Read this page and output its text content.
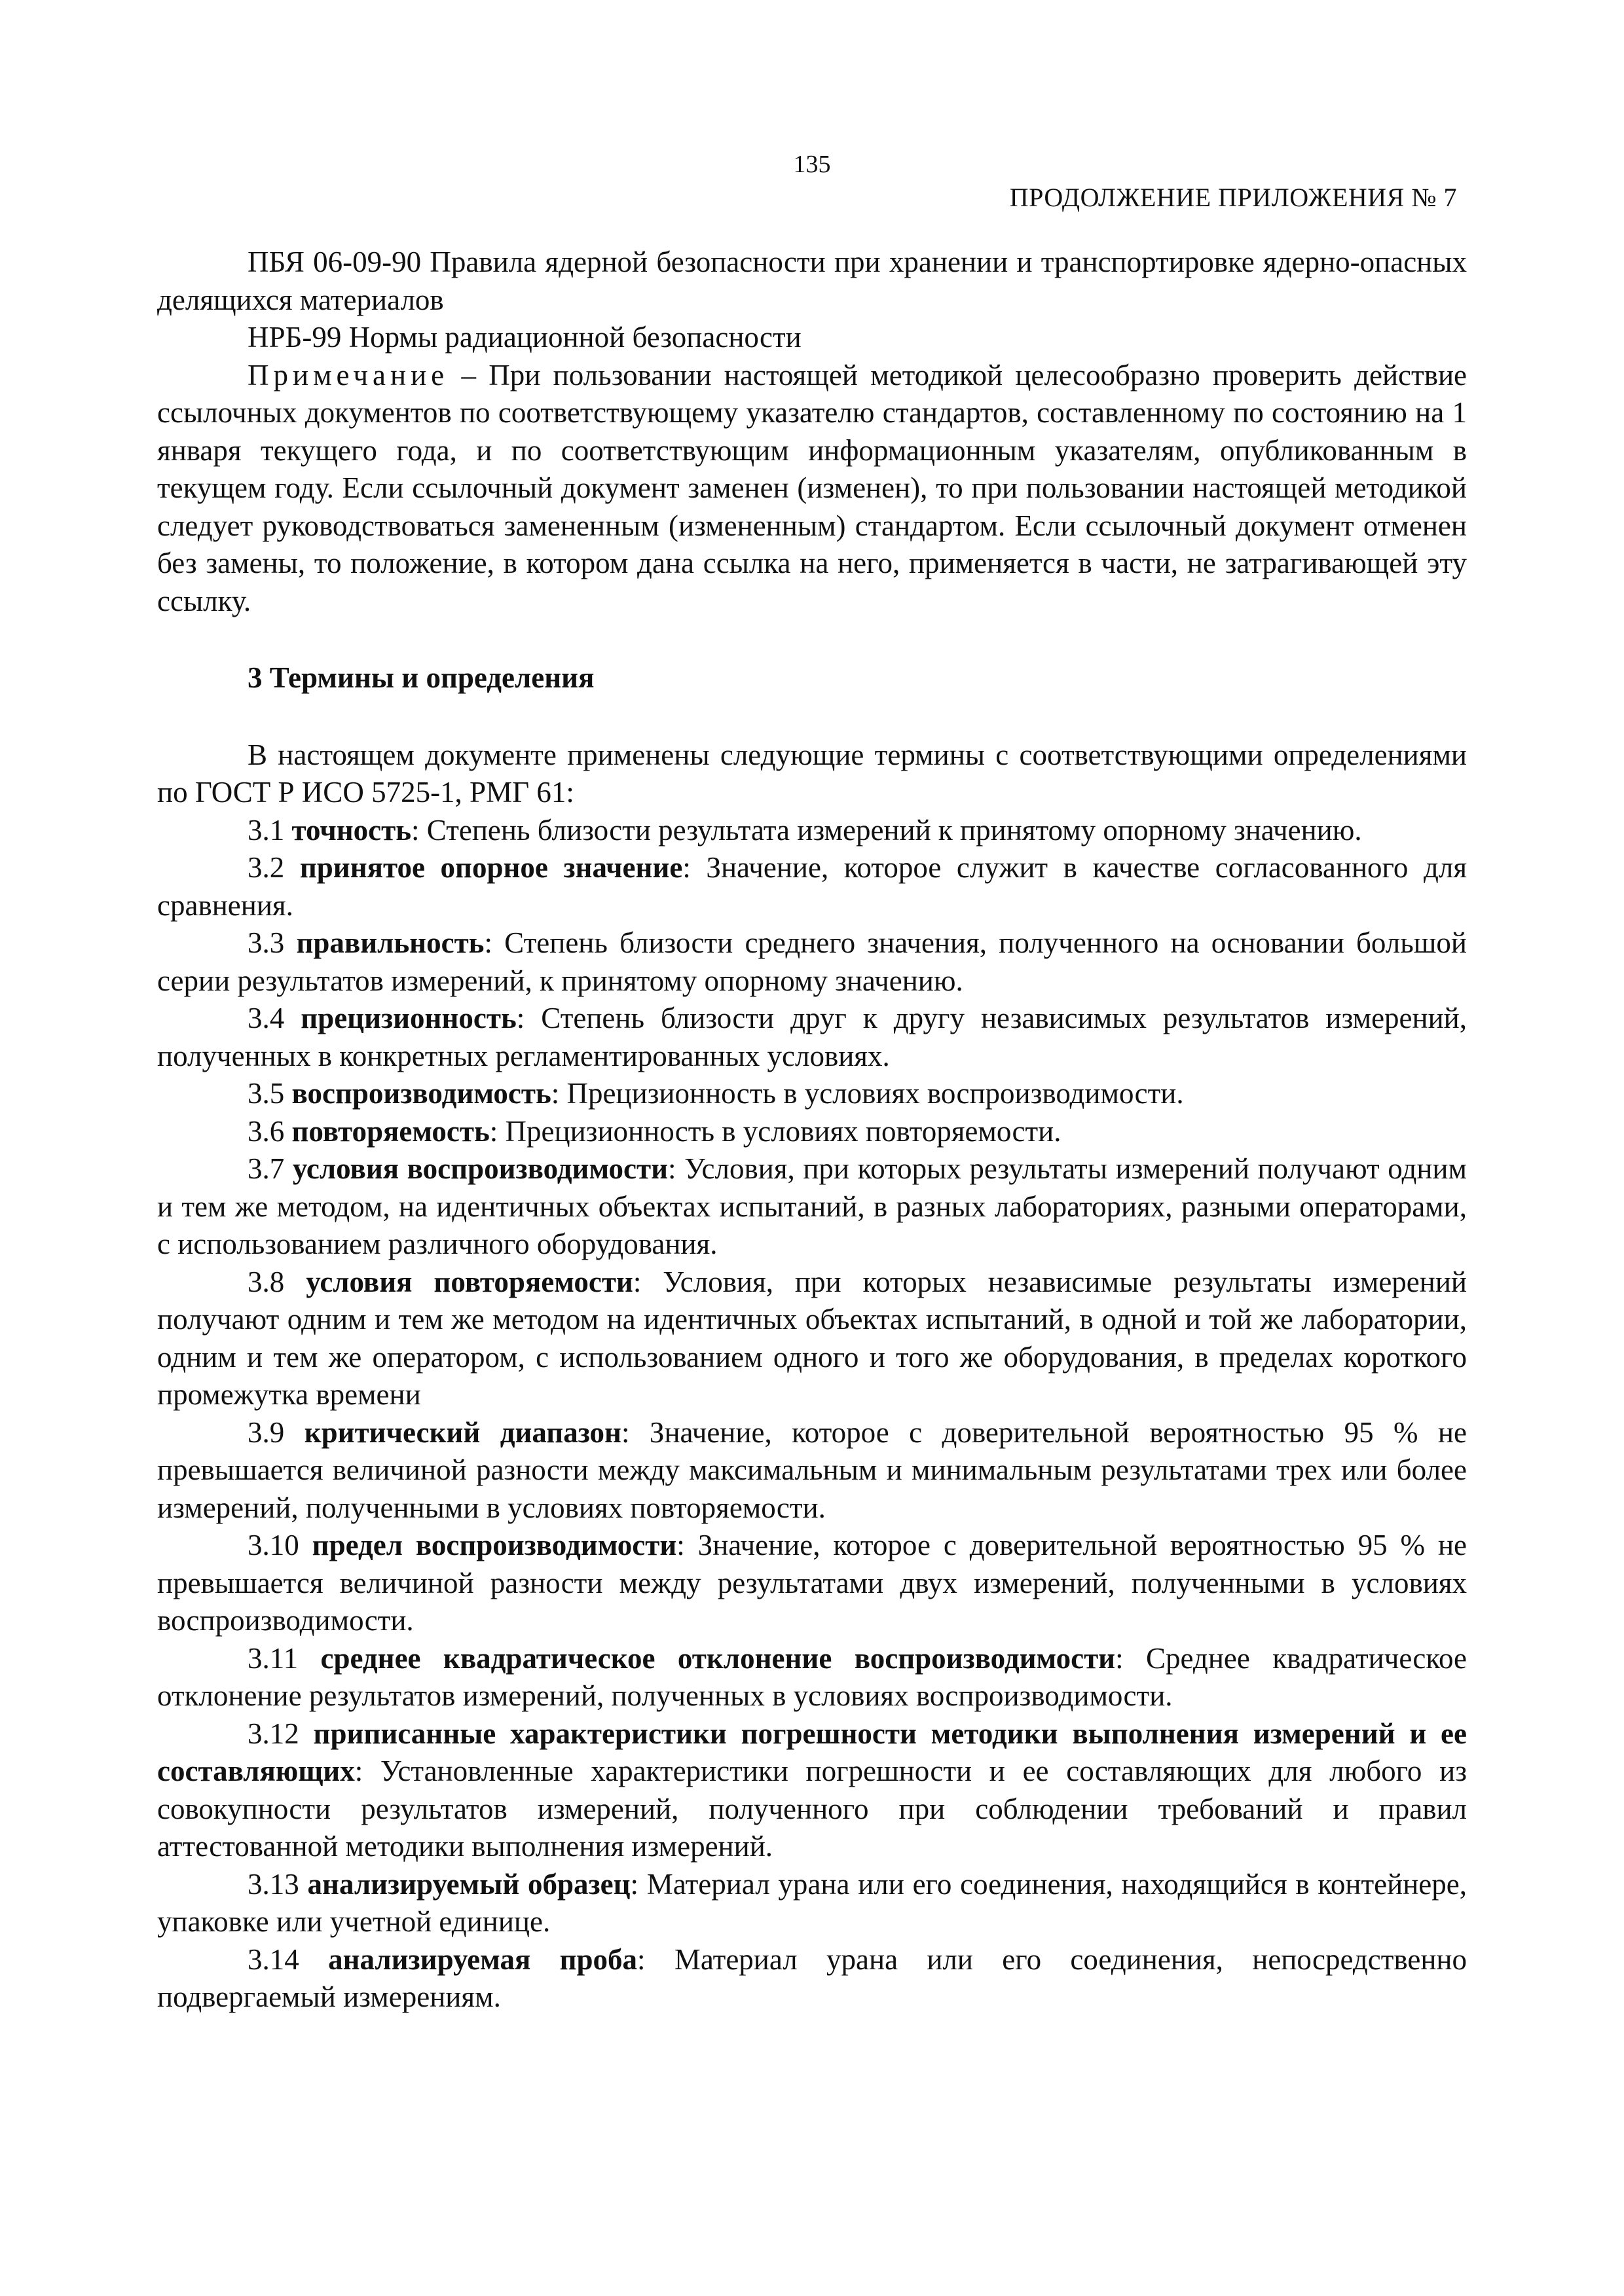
135
ПРОДОЛЖЕНИЕ ПРИЛОЖЕНИЯ № 7

ПБЯ 06-09-90 Правила ядерной безопасности при хранении и транспортировке ядерно-опасных делящихся материалов

НРБ-99 Нормы радиационной безопасности

Примечание – При пользовании настоящей методикой целесообразно проверить действие ссылочных документов по соответствующему указателю стандартов, составленному по состоянию на 1 января текущего года, и по соответствующим информационным указателям, опубликованным в текущем году. Если ссылочный документ заменен (изменен), то при пользовании настоящей методикой следует руководствоваться замененным (измененным) стандартом. Если ссылочный документ отменен без замены, то положение, в котором дана ссылка на него, применяется в части, не затрагивающей эту ссылку.

3 Термины и определения

В настоящем документе применены следующие термины с соответствующими определениями по ГОСТ Р ИСО 5725-1, РМГ 61:

3.1 точность: Степень близости результата измерений к принятому опорному значению.

3.2 принятое опорное значение: Значение, которое служит в качестве согласованного для сравнения.

3.3 правильность: Степень близости среднего значения, полученного на основании большой серии результатов измерений, к принятому опорному значению.

3.4 прецизионность: Степень близости друг к другу независимых результатов измерений, полученных в конкретных регламентированных условиях.

3.5 воспроизводимость: Прецизионность в условиях воспроизводимости.

3.6 повторяемость: Прецизионность в условиях повторяемости.

3.7 условия воспроизводимости: Условия, при которых результаты измерений получают одним и тем же методом, на идентичных объектах испытаний, в разных лабораториях, разными операторами, с использованием различного оборудования.

3.8 условия повторяемости: Условия, при которых независимые результаты измерений получают одним и тем же методом на идентичных объектах испытаний, в одной и той же лаборатории, одним и тем же оператором, с использованием одного и того же оборудования, в пределах короткого промежутка времени

3.9 критический диапазон: Значение, которое с доверительной вероятностью 95 % не превышается величиной разности между максимальным и минимальным результатами трех или более измерений, полученными в условиях повторяемости.

3.10 предел воспроизводимости: Значение, которое с доверительной вероятностью 95 % не превышается величиной разности между результатами двух измерений, полученными в условиях воспроизводимости.

3.11 среднее квадратическое отклонение воспроизводимости: Среднее квадратическое отклонение результатов измерений, полученных в условиях воспроизводимости.

3.12 приписанные характеристики погрешности методики выполнения измерений и ее составляющих: Установленные характеристики погрешности и ее составляющих для любого из совокупности результатов измерений, полученного при соблюдении требований и правил аттестованной методики выполнения измерений.

3.13 анализируемый образец: Материал урана или его соединения, находящийся в контейнере, упаковке или учетной единице.

3.14 анализируемая проба: Материал урана или его соединения, непосредственно подвергаемый измерениям.
